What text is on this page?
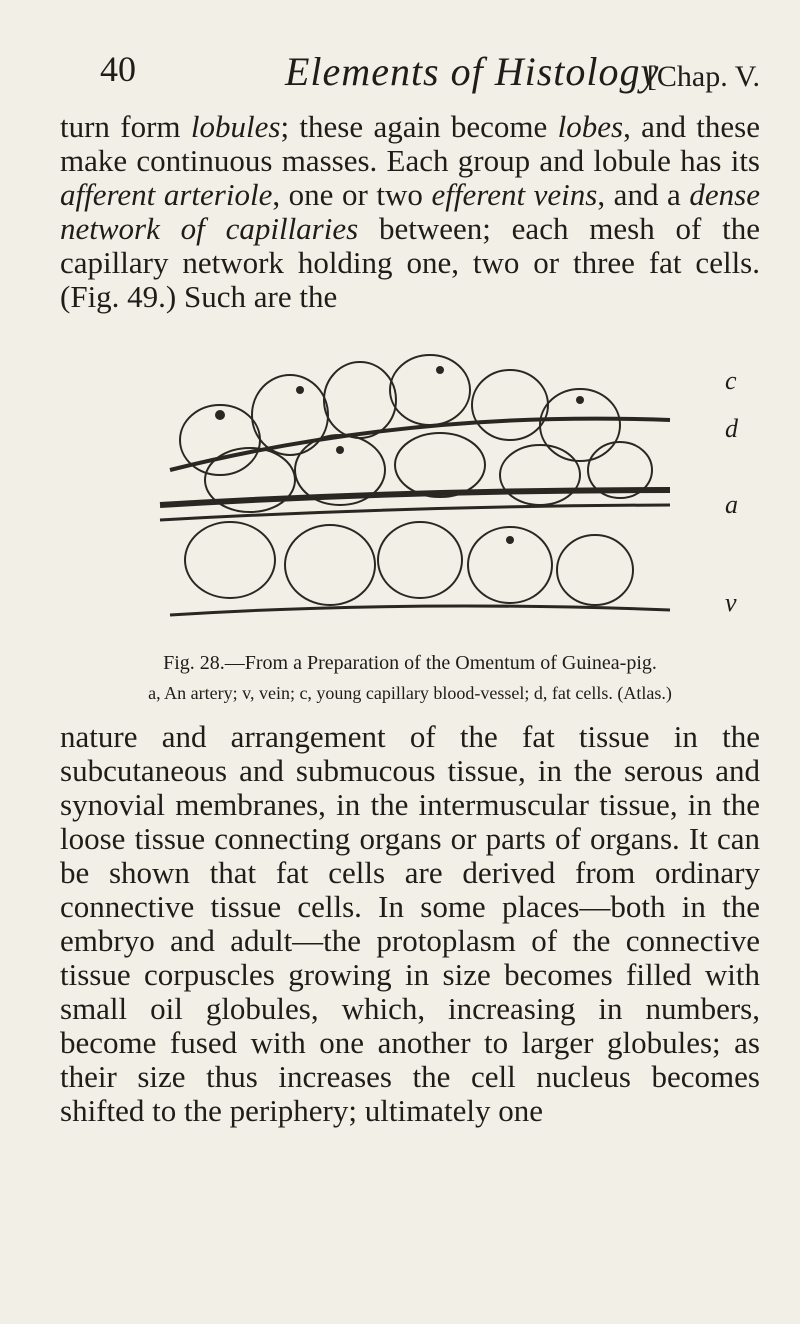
40	Elements of Histology
[Chap. V.
turn form lobules; these again become lobes, and these make continuous masses. Each group and lobule has its afferent arteriole, one or two efferent veins, and a dense network of capillaries between; each mesh of the capillary network holding one, two or three fat cells. (Fig. 49.) Such are the
c
d
a
v
Fig. 28.—From a Preparation of the Omentum of Guinea-pig.
a, An artery; v, vein; c, young capillary blood-vessel; d, fat cells. (Atlas.)
nature and arrangement of the fat tissue in the subcutaneous and submucous tissue, in the serous and synovial membranes, in the intermuscular tissue, in the loose tissue connecting organs or parts of organs. It can be shown that fat cells are derived from ordinary connective tissue cells. In some places—both in the embryo and adult—the protoplasm of the connective tissue corpuscles growing in size becomes filled with small oil globules, which, increasing in numbers, become fused with one another to larger globules; as their size thus increases the cell nucleus becomes shifted to the periphery; ultimately one
